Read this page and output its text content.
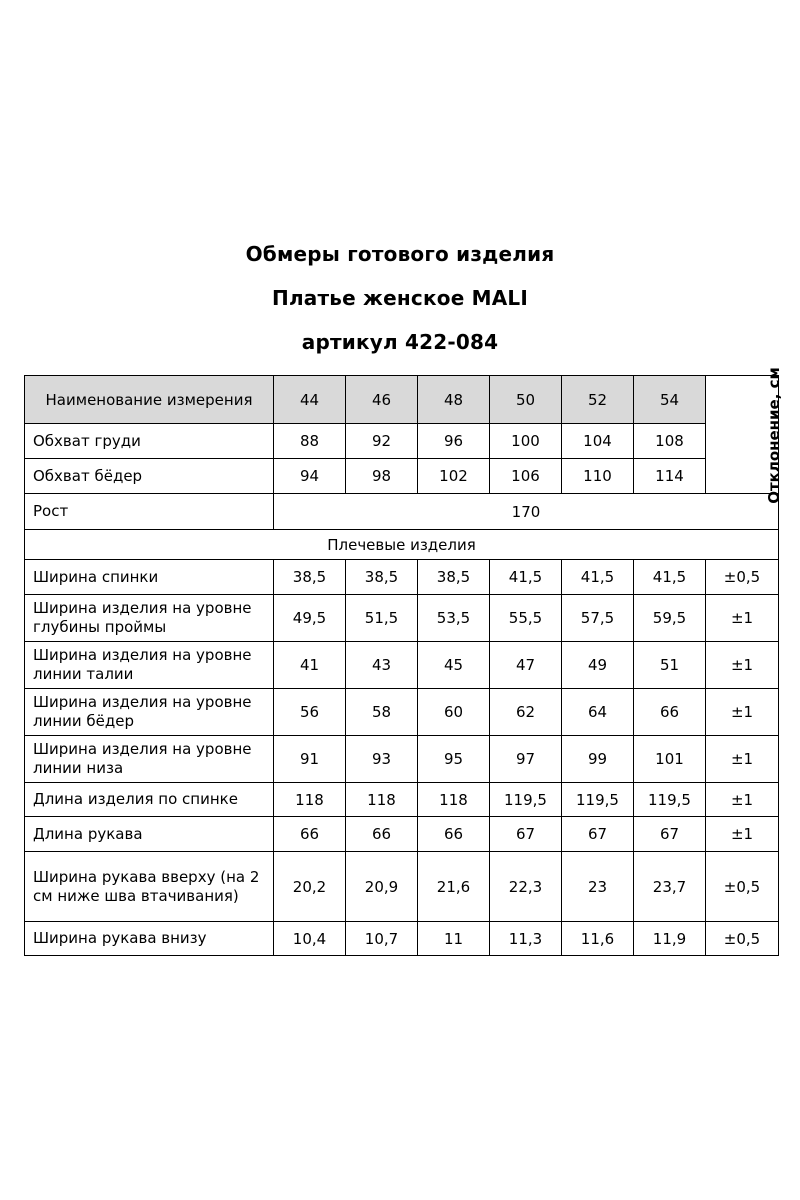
Обмеры готового изделия
Платье женское MALI
артикул 422-084
Наименование измерения	44	46	48	50	52	54	Отклонение, см
Обхват груди	88	92	96	100	104	108	
Обхват бёдер	94	98	102	106	110	114	
Рост	170						
Плечевые изделия							
Ширина спинки	38,5	38,5	38,5	41,5	41,5	41,5	±0,5
Ширина изделия на уровне глубины проймы	49,5	51,5	53,5	55,5	57,5	59,5	±1
Ширина изделия на уровне линии талии	41	43	45	47	49	51	±1
Ширина изделия на уровне линии бёдер	56	58	60	62	64	66	±1
Ширина изделия на уровне линии низа	91	93	95	97	99	101	±1
Длина изделия по спинке	118	118	118	119,5	119,5	119,5	±1
Длина рукава	66	66	66	67	67	67	±1
Ширина рукава вверху (на 2 см ниже шва втачивания)	20,2	20,9	21,6	22,3	23	23,7	±0,5
Ширина рукава внизу	10,4	10,7	11	11,3	11,6	11,9	±0,5
